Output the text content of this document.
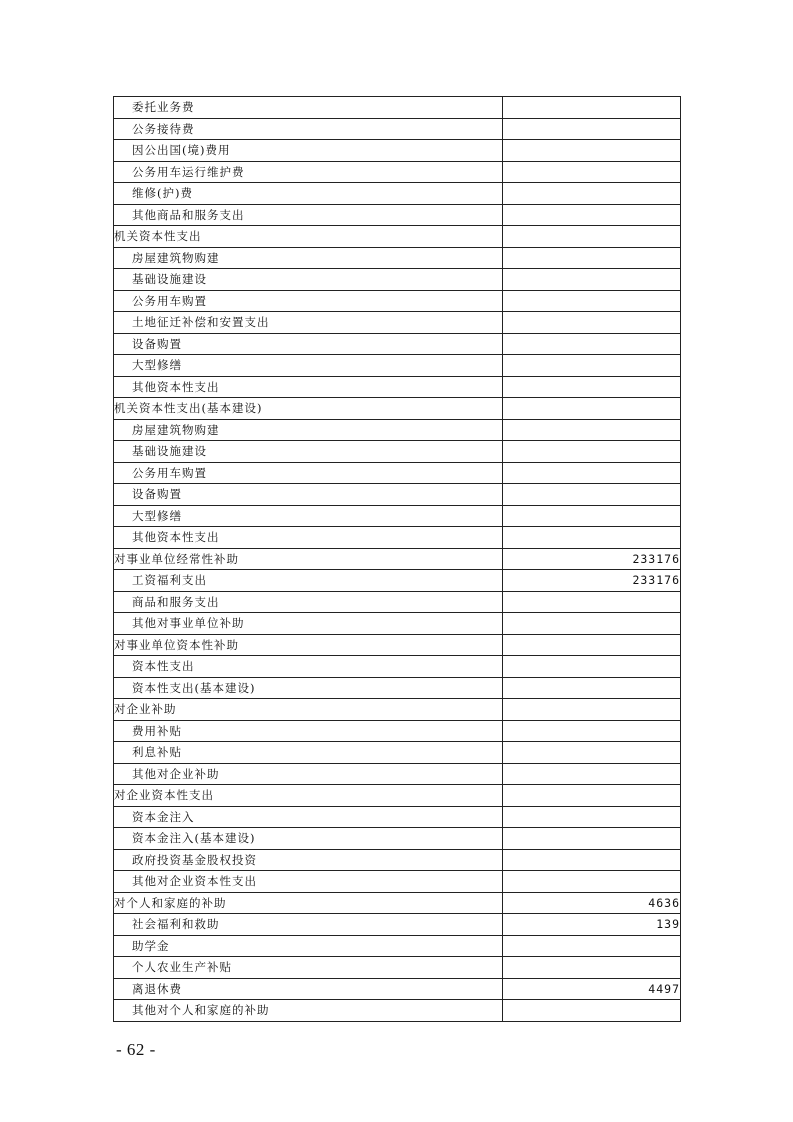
委托业务费	
公务接待费	
因公出国(境)费用	
公务用车运行维护费	
维修(护)费	
其他商品和服务支出	
机关资本性支出	
房屋建筑物购建	
基础设施建设	
公务用车购置	
土地征迁补偿和安置支出	
设备购置	
大型修缮	
其他资本性支出	
机关资本性支出(基本建设)	
房屋建筑物购建	
基础设施建设	
公务用车购置	
设备购置	
大型修缮	
其他资本性支出	
对事业单位经常性补助	233176
工资福利支出	233176
商品和服务支出	
其他对事业单位补助	
对事业单位资本性补助	
资本性支出	
资本性支出(基本建设)	
对企业补助	
费用补贴	
利息补贴	
其他对企业补助	
对企业资本性支出	
资本金注入	
资本金注入(基本建设)	
政府投资基金股权投资	
其他对企业资本性支出	
对个人和家庭的补助	4636
社会福利和救助	139
助学金	
个人农业生产补贴	
离退休费	4497
其他对个人和家庭的补助	
- 62 -
